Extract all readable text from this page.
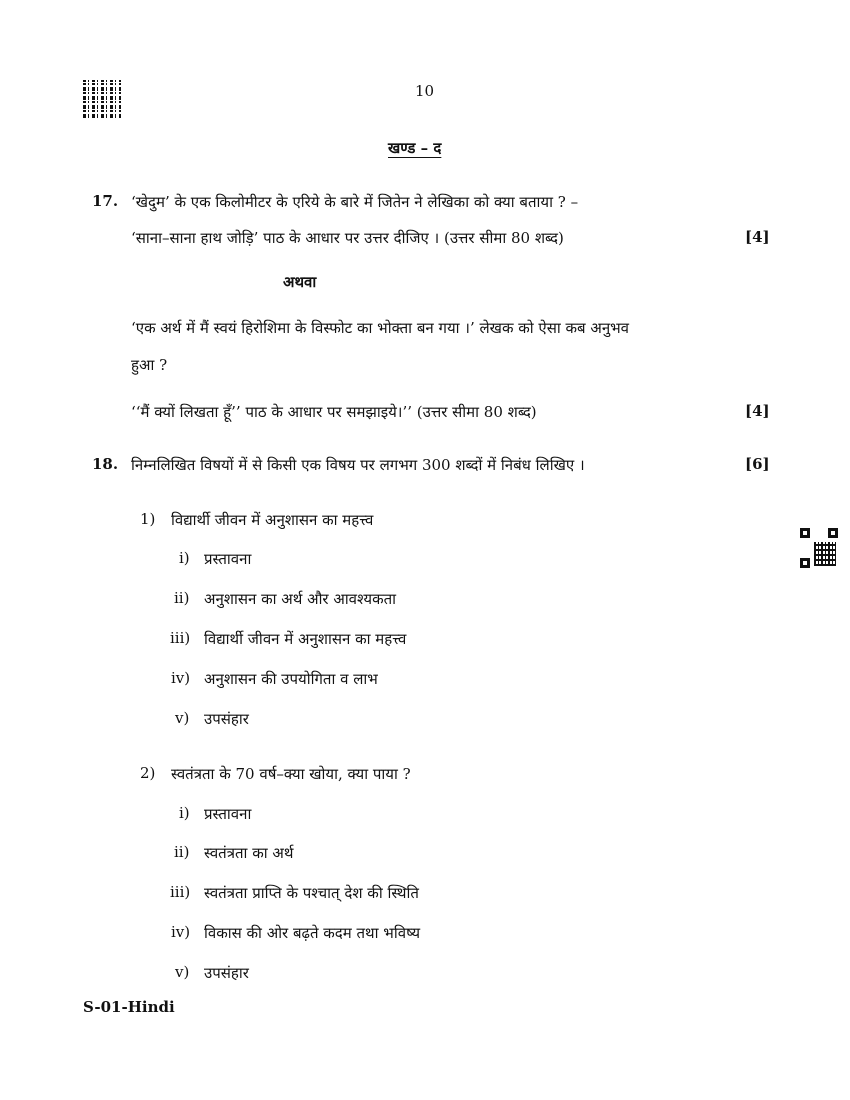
10
खण्ड – द
17. ‘खेदुम’ के एक किलोमीटर के एरिये के बारे में जितेन ने लेखिका को क्या बताया ? –
‘साना–साना हाथ जोड़ि’ पाठ के आधार पर उत्तर दीजिए । (उत्तर सीमा 80 शब्द)	[4]
अथवा
‘एक अर्थ में मैं स्वयं हिरोशिमा के विस्फोट का भोक्ता बन गया ।’ लेखक को ऐसा कब अनुभव
हुआ ?
‘‘मैं क्यों लिखता हूँ’’ पाठ के आधार पर समझाइये।’’ (उत्तर सीमा 80 शब्द)	[4]
18. निम्नलिखित विषयों में से किसी एक विषय पर लगभग 300 शब्दों में निबंध लिखिए ।	[6]
1) विद्यार्थी जीवन में अनुशासन का महत्त्व
i) प्रस्तावना
ii) अनुशासन का अर्थ और आवश्यकता
iii) विद्यार्थी जीवन में अनुशासन का महत्त्व
iv) अनुशासन की उपयोगिता व लाभ
v) उपसंहार
2) स्वतंत्रता के 70 वर्ष–क्या खोया, क्या पाया ?
i) प्रस्तावना
ii) स्वतंत्रता का अर्थ
iii) स्वतंत्रता प्राप्ति के पश्चात् देश की स्थिति
iv) विकास की ओर बढ़ते कदम तथा भविष्य
v) उपसंहार
S-01-Hindi
